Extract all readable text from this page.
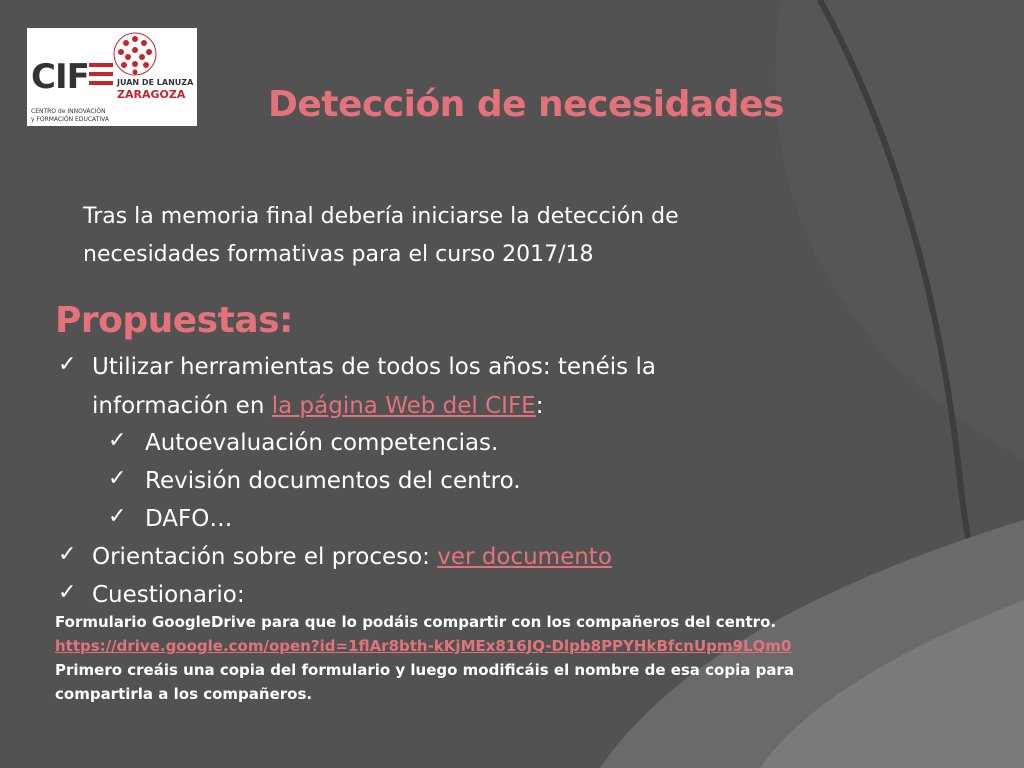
CIF	JUAN DE LANUZA
ZARAGOZA
CENTRO de INNOVACIÓN
y FORMACIÓN EDUCATIVA	Detección de necesidades
Tras la memoria final debería iniciarse la detección de
necesidades formativas para el curso 2017/18
Propuestas:
✓ Utilizar herramientas de todos los años: tenéis la
información en la página Web del CIFE:
✓ Autoevaluación competencias.
✓ Revisión documentos del centro.
✓ DAFO…
✓ Orientación sobre el proceso: ver documento
✓ Cuestionario:
Formulario GoogleDrive para que lo podáis compartir con los compañeros del centro.
https://drive.google.com/open?id=1flAr8bth-kKjMEx816JQ-Dlpb8PPYHkBfcnUpm9LQm0
Primero creáis una copia del formulario y luego modificáis el nombre de esa copia para
compartirla a los compañeros.
